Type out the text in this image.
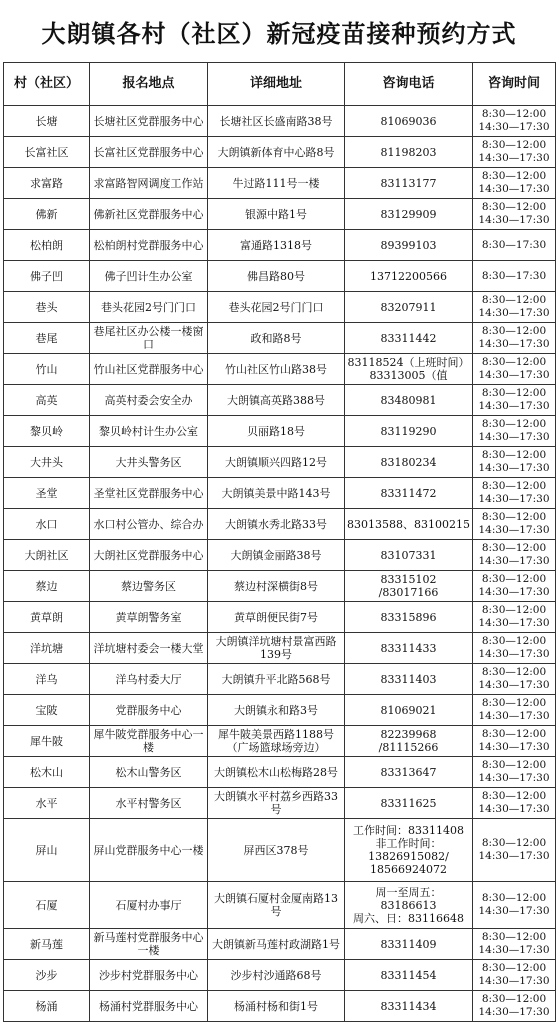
大朗镇各村（社区）新冠疫苗接种预约方式
村（社区）	报名地点	详细地址	咨询电话	咨询时间

长塘	长塘社区党群服务中心	长塘社区长盛南路38号	81069036	8:30—12:00
14:30—17:30

长富社区	长富社区党群服务中心	大朗镇新体育中心路8号	81198203	8:30—12:00
14:30—17:30

求富路	求富路智网调度工作站	牛过路111号一楼	83113177	8:30—12:00
14:30—17:30

佛新	佛新社区党群服务中心	银源中路1号	83129909	8:30—12:00
14:30—17:30

松柏朗	松柏朗村党群服务中心	富通路1318号	89399103	8:30—17:30

佛子凹	佛子凹计生办公室	佛昌路80号	13712200566	8:30—17:30

巷头	巷头花园2号门门口	巷头花园2号门门口	83207911	8:30—12:00
14:30—17:30

巷尾	巷尾社区办公楼一楼窗口	政和路8号	83311442	8:30—12:00
14:30—17:30

竹山	竹山社区党群服务中心	竹山社区竹山路38号	83118524（上班时间）83313005（值	8:30—12:00
14:30—17:30

高英	高英村委会安全办	大朗镇高英路388号	83480981	8:30—12:00
14:30—17:30

黎贝岭	黎贝岭村计生办公室	贝丽路18号	83119290	8:30—12:00
14:30—17:30

大井头	大井头警务区	大朗镇顺兴四路12号	83180234	8:30—12:00
14:30—17:30

圣堂	圣堂社区党群服务中心	大朗镇美景中路143号	83311472	8:30—12:00
14:30—17:30

水口	水口村公管办、综合办	大朗镇水秀北路33号	83013588、83100215	8:30—12:00
14:30—17:30

大朗社区	大朗社区党群服务中心	大朗镇金丽路38号	83107331	8:30—12:00
14:30—17:30

蔡边	蔡边警务区	蔡边村深横街8号	83315102
/83017166	8:30—12:00
14:30—17:30

黄草朗	黄草朗警务室	黄草朗便民街7号	83315896	8:30—12:00
14:30—17:30

洋坑塘	洋坑塘村委会一楼大堂	大朗镇洋坑塘村景富西路139号	83311433	8:30—12:00
14:30—17:30

洋乌	洋乌村委大厅	大朗镇升平北路568号	83311403	8:30—12:00
14:30—17:30

宝陂	党群服务中心	大朗镇永和路3号	81069021	8:30—12:00
14:30—17:30

犀牛陂	犀牛陂党群服务中心一楼	犀牛陂美景西路1188号（广场篮球场旁边）	82239968
/81115266	8:30—12:00
14:30—17:30

松木山	松木山警务区	大朗镇松木山松梅路28号	83313647	8:30—12:00
14:30—17:30

水平	水平村警务区	大朗镇水平村荔乡西路33号	83311625	8:30—12:00
14:30—17:30

屏山	屏山党群服务中心一楼	屏西区378号	工作时间：83311408
非工作时间：
13826915082/
18566924072	8:30—12:00
14:30—17:30

石厦	石厦村办事厅	大朗镇石厦村金厦南路13号	周一至周五：
83186613
周六、日：83116648	8:30—12:00
14:30—17:30

新马莲	新马莲村党群服务中心一楼	大朗镇新马莲村政湖路1号	83311409	8:30—12:00
14:30—17:30

沙步	沙步村党群服务中心	沙步村沙通路68号	83311454	8:30—12:00
14:30—17:30

杨涌	杨涌村党群服务中心	杨涌村杨和街1号	83311434	8:30—12:00
14:30—17:30
